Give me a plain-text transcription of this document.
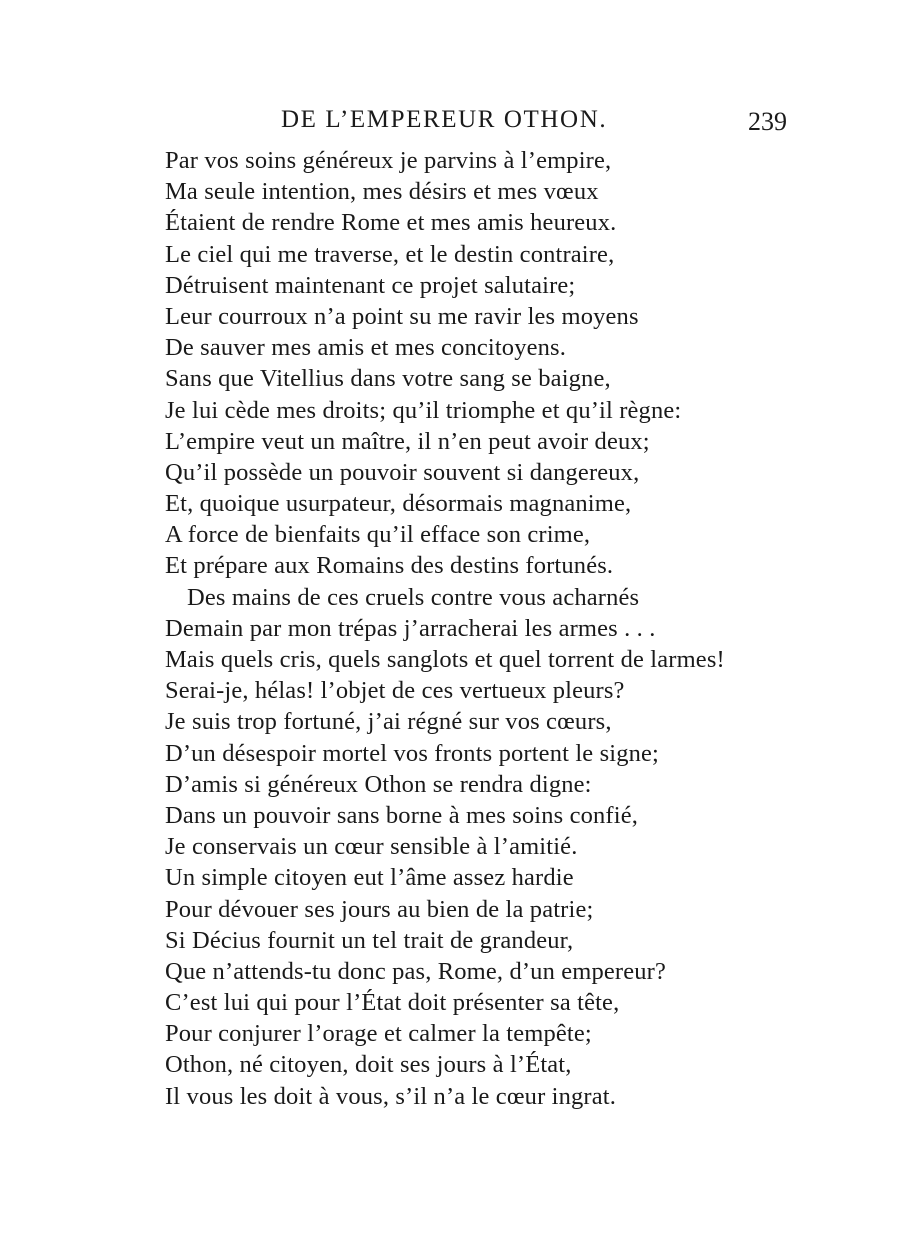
DE L’EMPEREUR OTHON.	239
Par vos soins généreux je parvins à l’empire,
Ma seule intention, mes désirs et mes vœux
Étaient de rendre Rome et mes amis heureux.
Le ciel qui me traverse, et le destin contraire,
Détruisent maintenant ce projet salutaire;
Leur courroux n’a point su me ravir les moyens
De sauver mes amis et mes concitoyens.
Sans que Vitellius dans votre sang se baigne,
Je lui cède mes droits; qu’il triomphe et qu’il règne:
L’empire veut un maître, il n’en peut avoir deux;
Qu’il possède un pouvoir souvent si dangereux,
Et, quoique usurpateur, désormais magnanime,
A force de bienfaits qu’il efface son crime,
Et prépare aux Romains des destins fortunés.
Des mains de ces cruels contre vous acharnés
Demain par mon trépas j’arracherai les armes . . .
Mais quels cris, quels sanglots et quel torrent de larmes!
Serai-je, hélas! l’objet de ces vertueux pleurs?
Je suis trop fortuné, j’ai régné sur vos cœurs,
D’un désespoir mortel vos fronts portent le signe;
D’amis si généreux Othon se rendra digne:
Dans un pouvoir sans borne à mes soins confié,
Je conservais un cœur sensible à l’amitié.
Un simple citoyen eut l’âme assez hardie
Pour dévouer ses jours au bien de la patrie;
Si Décius fournit un tel trait de grandeur,
Que n’attends-tu donc pas, Rome, d’un empereur?
C’est lui qui pour l’État doit présenter sa tête,
Pour conjurer l’orage et calmer la tempête;
Othon, né citoyen, doit ses jours à l’État,
Il vous les doit à vous, s’il n’a le cœur ingrat.
